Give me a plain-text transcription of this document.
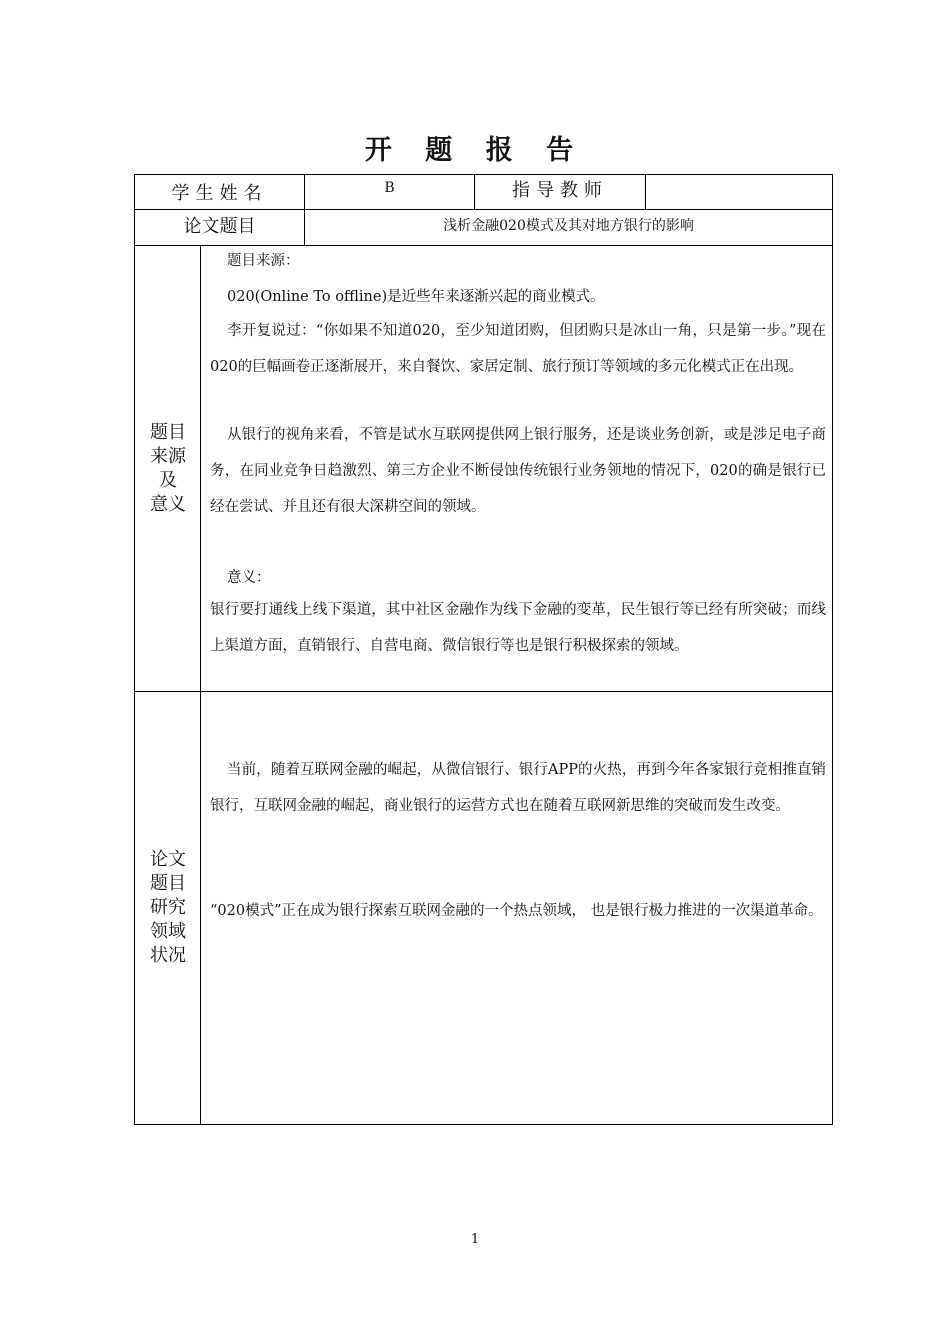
开 题 报 告
学生姓名	B	指导教师
论文题目	浅析金融020模式及其对地方银行的影响
题目
来源
及
意义
题目来源：
020(Online To offline)是近些年来逐渐兴起的商业模式。
李开复说过：“你如果不知道020，至少知道团购，但团购只是冰山一角，只是第一步。”现在020的巨幅画卷正逐渐展开，来自餐饮、家居定制、旅行预订等领域的多元化模式正在出现。
从银行的视角来看，不管是试水互联网提供网上银行服务，还是谈业务创新，或是涉足电子商务，在同业竞争日趋激烈、第三方企业不断侵蚀传统银行业务领地的情况下，020的确是银行已经在尝试、并且还有很大深耕空间的领域。
意义：
银行要打通线上线下渠道，其中社区金融作为线下金融的变革，民生银行等已经有所突破；而线上渠道方面，直销银行、自营电商、微信银行等也是银行积极探索的领域。
论文
题目
研究
领域
状况
当前，随着互联网金融的崛起，从微信银行、银行APP的火热，再到今年各家银行竞相推直销银行，互联网金融的崛起，商业银行的运营方式也在随着互联网新思维的突破而发生改变。
“020模式”正在成为银行探索互联网金融的一个热点领域， 也是银行极力推进的一次渠道革命。
1
